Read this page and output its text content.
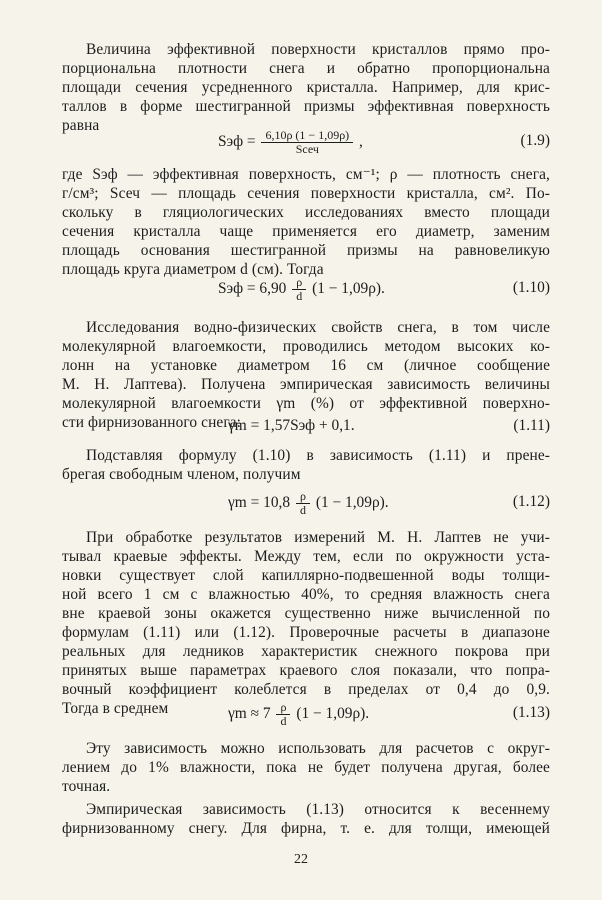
Величина эффективной поверхности кристаллов прямо про-
порциональна плотности снега и обратно пропорциональна
площади сечения усредненного кристалла. Например, для крис-
таллов в форме шестигранной призмы эффективная поверхность
равна
Sэф = $\frac{6,10\rho (1 - 1,09\rho)}{\text{Sсеч}}$ ,	(1.9)
где Sэф — эффективная поверхность, см⁻¹; ρ — плотность снега,
г/см³; Sсеч — площадь сечения поверхности кристалла, см². По-
скольку в гляциологических исследованиях вместо площади
сечения кристалла чаще применяется его диаметр, заменим
площадь основания шестигранной призмы на равновеликую
площадь круга диаметром d (см). Тогда
Sэф = $6,90 \frac{\rho}{d} (1 - 1,09\rho)$.	(1.10)
Исследования водно-физических свойств снега, в том числе
молекулярной влагоемкости, проводились методом высоких ко-
лонн на установке диаметром 16 см (личное сообщение
М. Н. Лаптева). Получена эмпирическая зависимость величины
молекулярной влагоемкости γm (%) от эффективной поверхно-
сти фирнизованного снега:
γm = 1,57Sэф + 0,1.	(1.11)
Подставляя формулу (1.10) в зависимость (1.11) и прене-
брегая свободным членом, получим
$\gamma m = 10,8 \frac{\rho}{d} (1 - 1,09\rho)$.	(1.12)
При обработке результатов измерений М. Н. Лаптев не учи-
тывал краевые эффекты. Между тем, если по окружности уста-
новки существует слой капиллярно-подвешенной воды толщи-
ной всего 1 см с влажностью 40%, то средняя влажность снега
вне краевой зоны окажется существенно ниже вычисленной по
формулам (1.11) или (1.12). Проверочные расчеты в диапазоне
реальных для ледников характеристик снежного покрова при
принятых выше параметрах краевого слоя показали, что попра-
вочный коэффициент колеблется в пределах от 0,4 до 0,9.
Тогда в среднем	$\gamma m \approx 7 \frac{\rho}{d} (1 - 1,09\rho)$.	(1.13)
Эту зависимость можно использовать для расчетов с округ-
лением до 1% влажности, пока не будет получена другая, более
точная.
Эмпирическая зависимость (1.13) относится к весеннему
фирнизованному снегу. Для фирна, т. е. для толщи, имеющей
22
